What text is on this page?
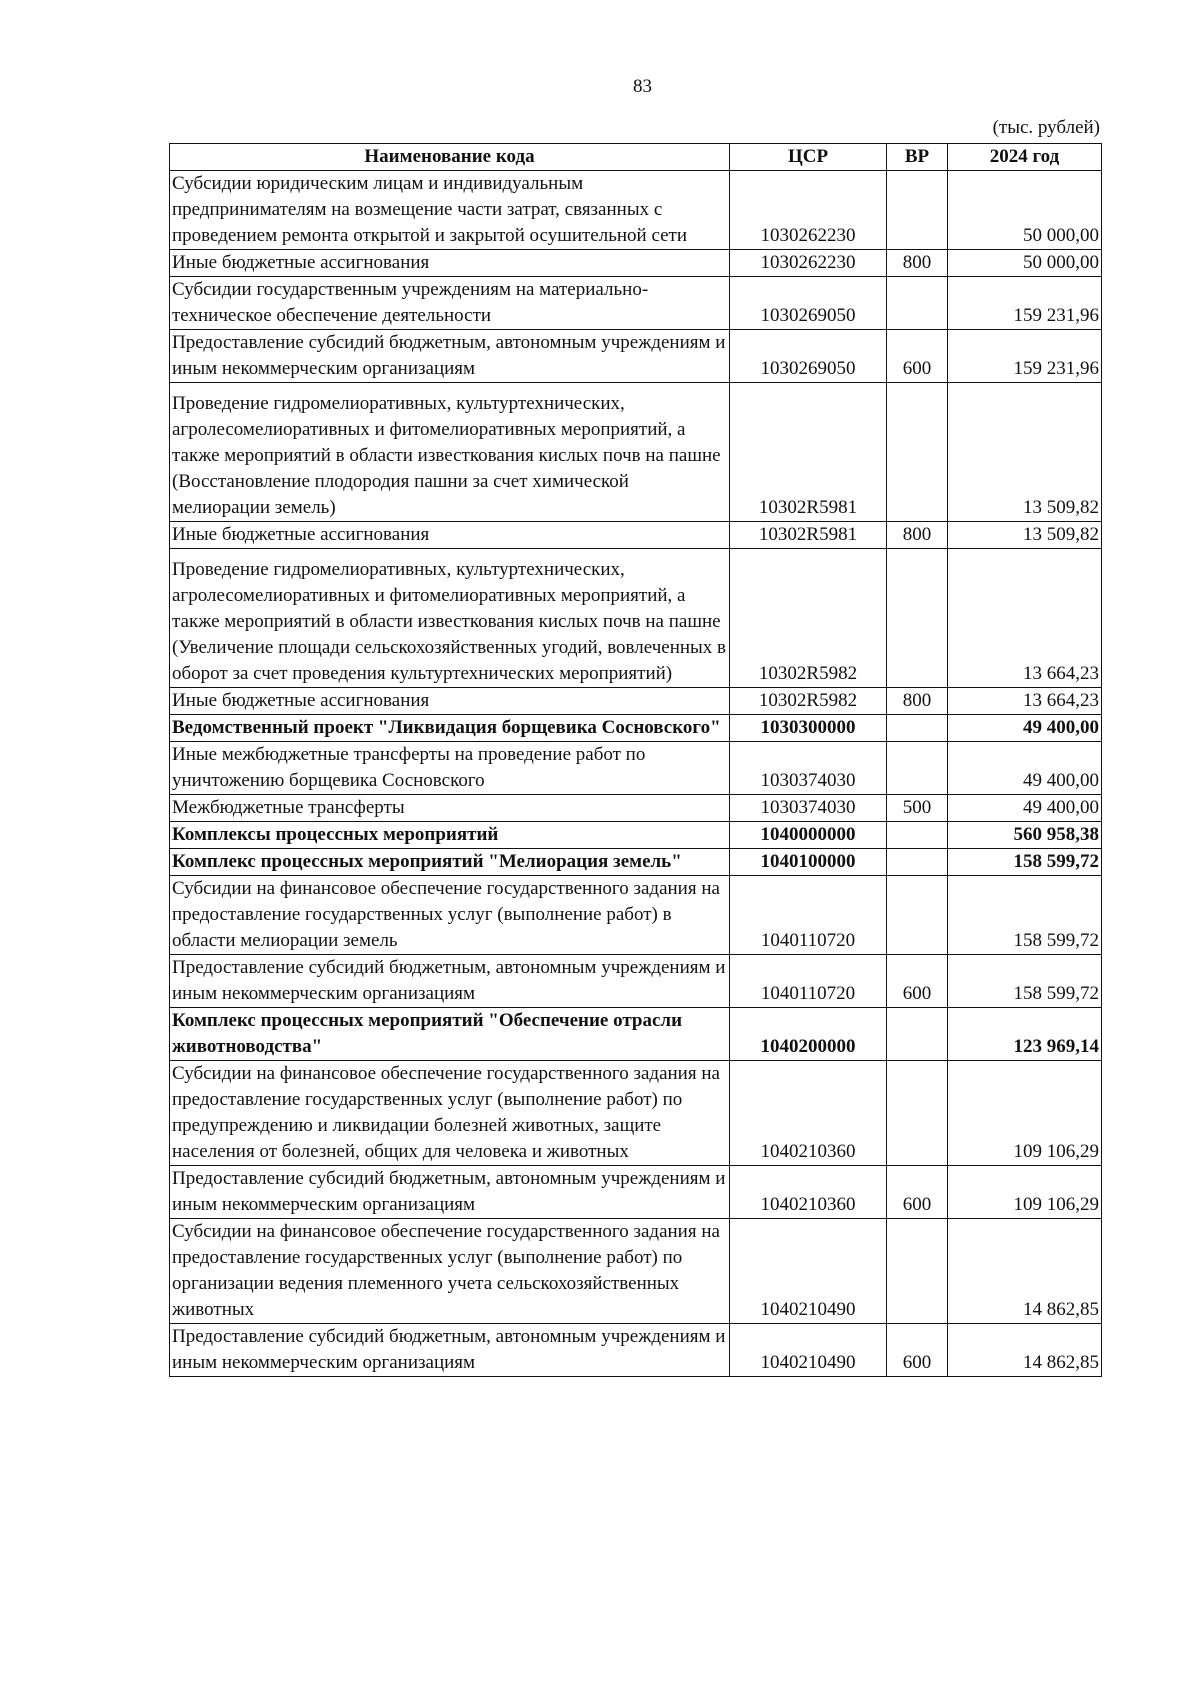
83
(тыс. рублей)
Наименование кода	ЦСР	ВР	2024 год
Субсидии юридическим лицам и индивидуальным предпринимателям на возмещение части затрат, связанных с проведением ремонта открытой и закрытой осушительной сети	1030262230		50 000,00
Иные бюджетные ассигнования	1030262230	800	50 000,00
Субсидии государственным учреждениям на материально-техническое обеспечение деятельности	1030269050		159 231,96
Предоставление субсидий бюджетным, автономным учреждениям и иным некоммерческим организациям	1030269050	600	159 231,96
Проведение гидромелиоративных, культуртехнических, агролесомелиоративных и фитомелиоративных мероприятий, а также мероприятий в области известкования кислых почв на пашне (Восстановление плодородия пашни за счет химической мелиорации земель)	10302R5981		13 509,82
Иные бюджетные ассигнования	10302R5981	800	13 509,82
Проведение гидромелиоративных, культуртехнических, агролесомелиоративных и фитомелиоративных мероприятий, а также мероприятий в области известкования кислых почв на пашне (Увеличение площади сельскохозяйственных угодий, вовлеченных в оборот за счет проведения культуртехнических мероприятий)	10302R5982		13 664,23
Иные бюджетные ассигнования	10302R5982	800	13 664,23
Ведомственный проект "Ликвидация борщевика Сосновского"	1030300000		49 400,00
Иные межбюджетные трансферты на проведение работ по уничтожению борщевика Сосновского	1030374030		49 400,00
Межбюджетные трансферты	1030374030	500	49 400,00
Комплексы процессных мероприятий	1040000000		560 958,38
Комплекс процессных мероприятий "Мелиорация земель"	1040100000		158 599,72
Субсидии на финансовое обеспечение государственного задания на предоставление государственных услуг (выполнение работ) в области мелиорации земель	1040110720		158 599,72
Предоставление субсидий бюджетным, автономным учреждениям и иным некоммерческим организациям	1040110720	600	158 599,72
Комплекс процессных мероприятий "Обеспечение отрасли животноводства"	1040200000		123 969,14
Субсидии на финансовое обеспечение государственного задания на предоставление государственных услуг (выполнение работ) по предупреждению и ликвидации болезней животных, защите населения от болезней, общих для человека и животных	1040210360		109 106,29
Предоставление субсидий бюджетным, автономным учреждениям и иным некоммерческим организациям	1040210360	600	109 106,29
Субсидии на финансовое обеспечение государственного задания на предоставление государственных услуг (выполнение работ) по организации ведения племенного учета сельскохозяйственных животных	1040210490		14 862,85
Предоставление субсидий бюджетным, автономным учреждениям и иным некоммерческим организациям	1040210490	600	14 862,85
